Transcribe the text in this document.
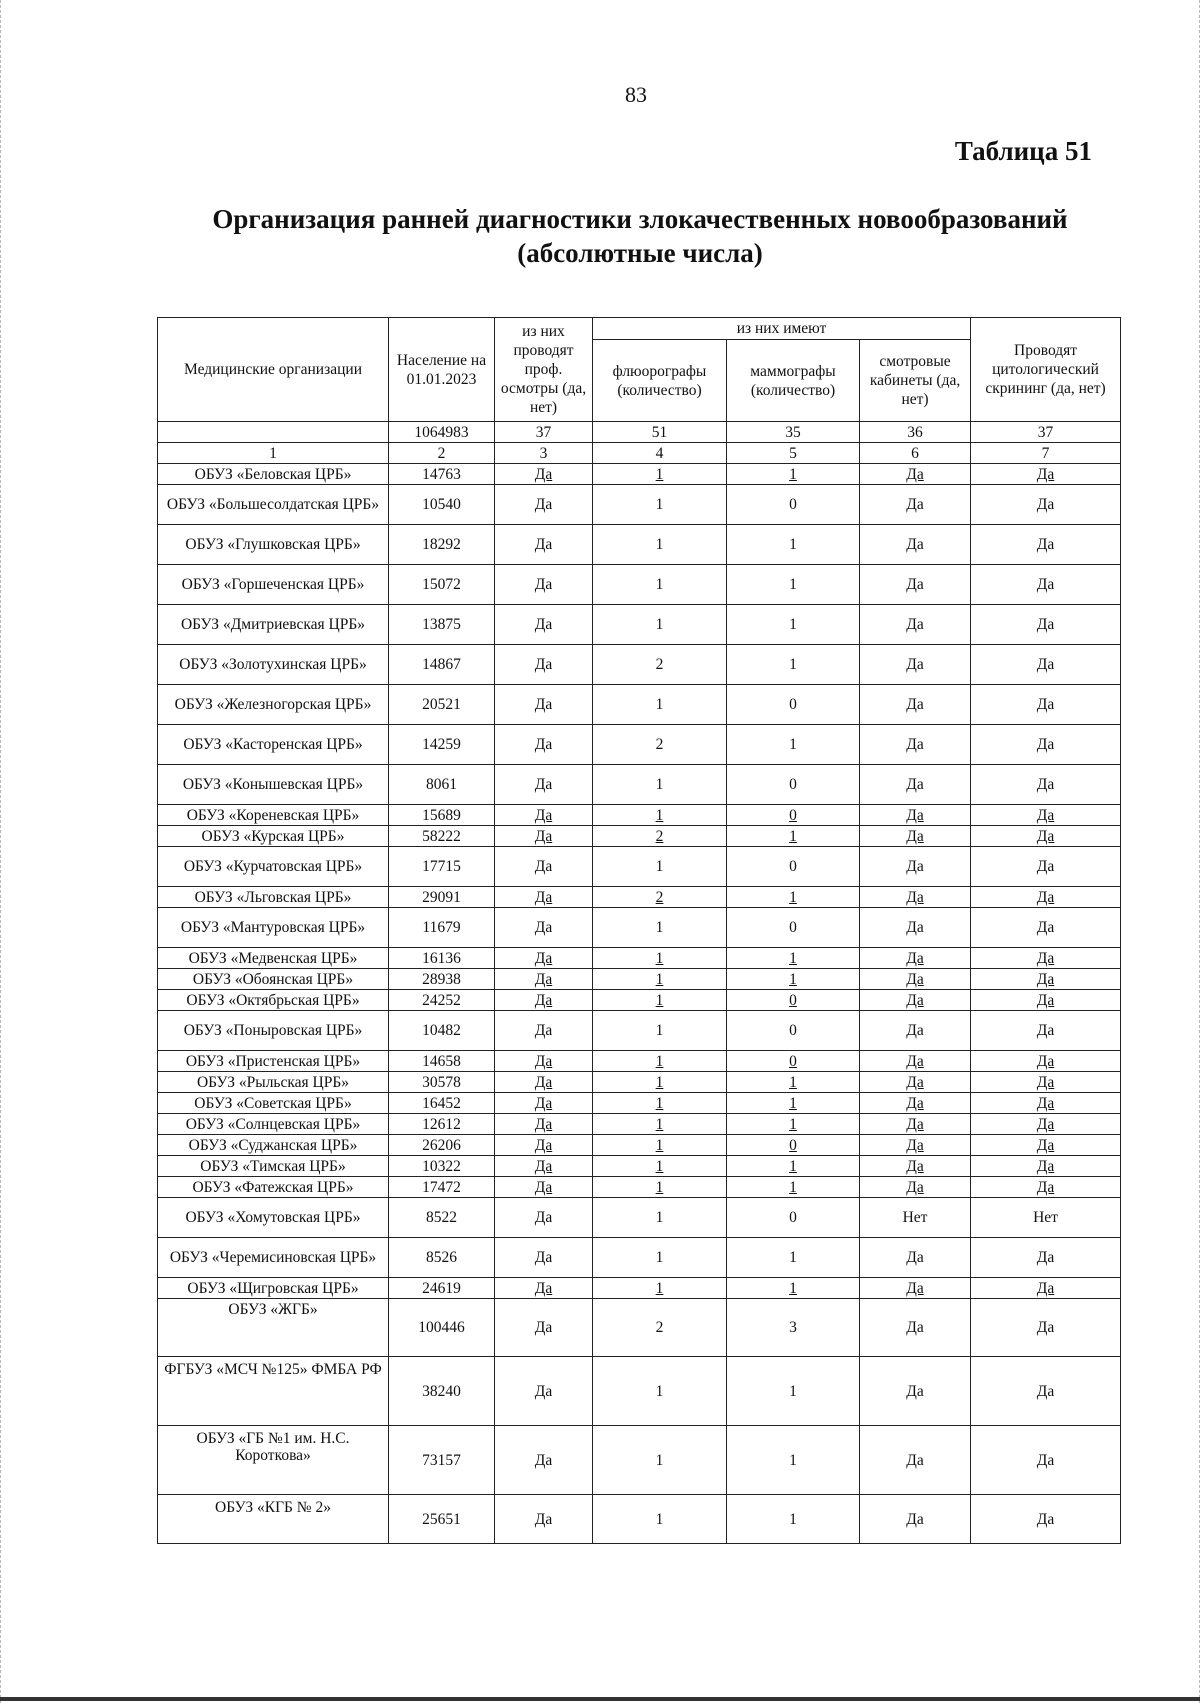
83
Таблица 51
Организация ранней диагностики злокачественных новообразований
(абсолютные числа)
Медицинские организации	Население на 01.01.2023	из них проводят проф. осмотры (да, нет)	из них имеют			Проводят цитологический скрининг (да, нет)
			флюорографы (количество)	маммографы (количество)	смотровые кабинеты (да, нет)	
	1064983	37	51	35	36	37
1	2	3	4	5	6	7
ОБУЗ «Беловская ЦРБ»	14763	Да	1	1	Да	Да
ОБУЗ «Большесолдатская ЦРБ»	10540	Да	1	0	Да	Да
ОБУЗ «Глушковская ЦРБ»	18292	Да	1	1	Да	Да
ОБУЗ «Горшеченская ЦРБ»	15072	Да	1	1	Да	Да
ОБУЗ «Дмитриевская ЦРБ»	13875	Да	1	1	Да	Да
ОБУЗ «Золотухинская ЦРБ»	14867	Да	2	1	Да	Да
ОБУЗ «Железногорская ЦРБ»	20521	Да	1	0	Да	Да
ОБУЗ «Касторенская ЦРБ»	14259	Да	2	1	Да	Да
ОБУЗ «Конышевская ЦРБ»	8061	Да	1	0	Да	Да
ОБУЗ «Кореневская ЦРБ»	15689	Да	1	0	Да	Да
ОБУЗ «Курская ЦРБ»	58222	Да	2	1	Да	Да
ОБУЗ «Курчатовская ЦРБ»	17715	Да	1	0	Да	Да
ОБУЗ «Льговская ЦРБ»	29091	Да	2	1	Да	Да
ОБУЗ «Мантуровская ЦРБ»	11679	Да	1	0	Да	Да
ОБУЗ «Медвенская ЦРБ»	16136	Да	1	1	Да	Да
ОБУЗ «Обоянская ЦРБ»	28938	Да	1	1	Да	Да
ОБУЗ «Октябрьская ЦРБ»	24252	Да	1	0	Да	Да
ОБУЗ «Поныровская ЦРБ»	10482	Да	1	0	Да	Да
ОБУЗ «Пристенская ЦРБ»	14658	Да	1	0	Да	Да
ОБУЗ «Рыльская ЦРБ»	30578	Да	1	1	Да	Да
ОБУЗ «Советская ЦРБ»	16452	Да	1	1	Да	Да
ОБУЗ «Солнцевская ЦРБ»	12612	Да	1	1	Да	Да
ОБУЗ «Суджанская ЦРБ»	26206	Да	1	0	Да	Да
ОБУЗ «Тимская ЦРБ»	10322	Да	1	1	Да	Да
ОБУЗ «Фатежская ЦРБ»	17472	Да	1	1	Да	Да
ОБУЗ «Хомутовская ЦРБ»	8522	Да	1	0	Нет	Нет
ОБУЗ «Черемисиновская ЦРБ»	8526	Да	1	1	Да	Да
ОБУЗ «Щигровская ЦРБ»	24619	Да	1	1	Да	Да
ОБУЗ «ЖГБ»	100446	Да	2	3	Да	Да
ФГБУЗ «МСЧ №125» ФМБА РФ	38240	Да	1	1	Да	Да
ОБУЗ «ГБ №1 им. Н.С. Короткова»	73157	Да	1	1	Да	Да
ОБУЗ «КГБ № 2»	25651	Да	1	1	Да	Да
